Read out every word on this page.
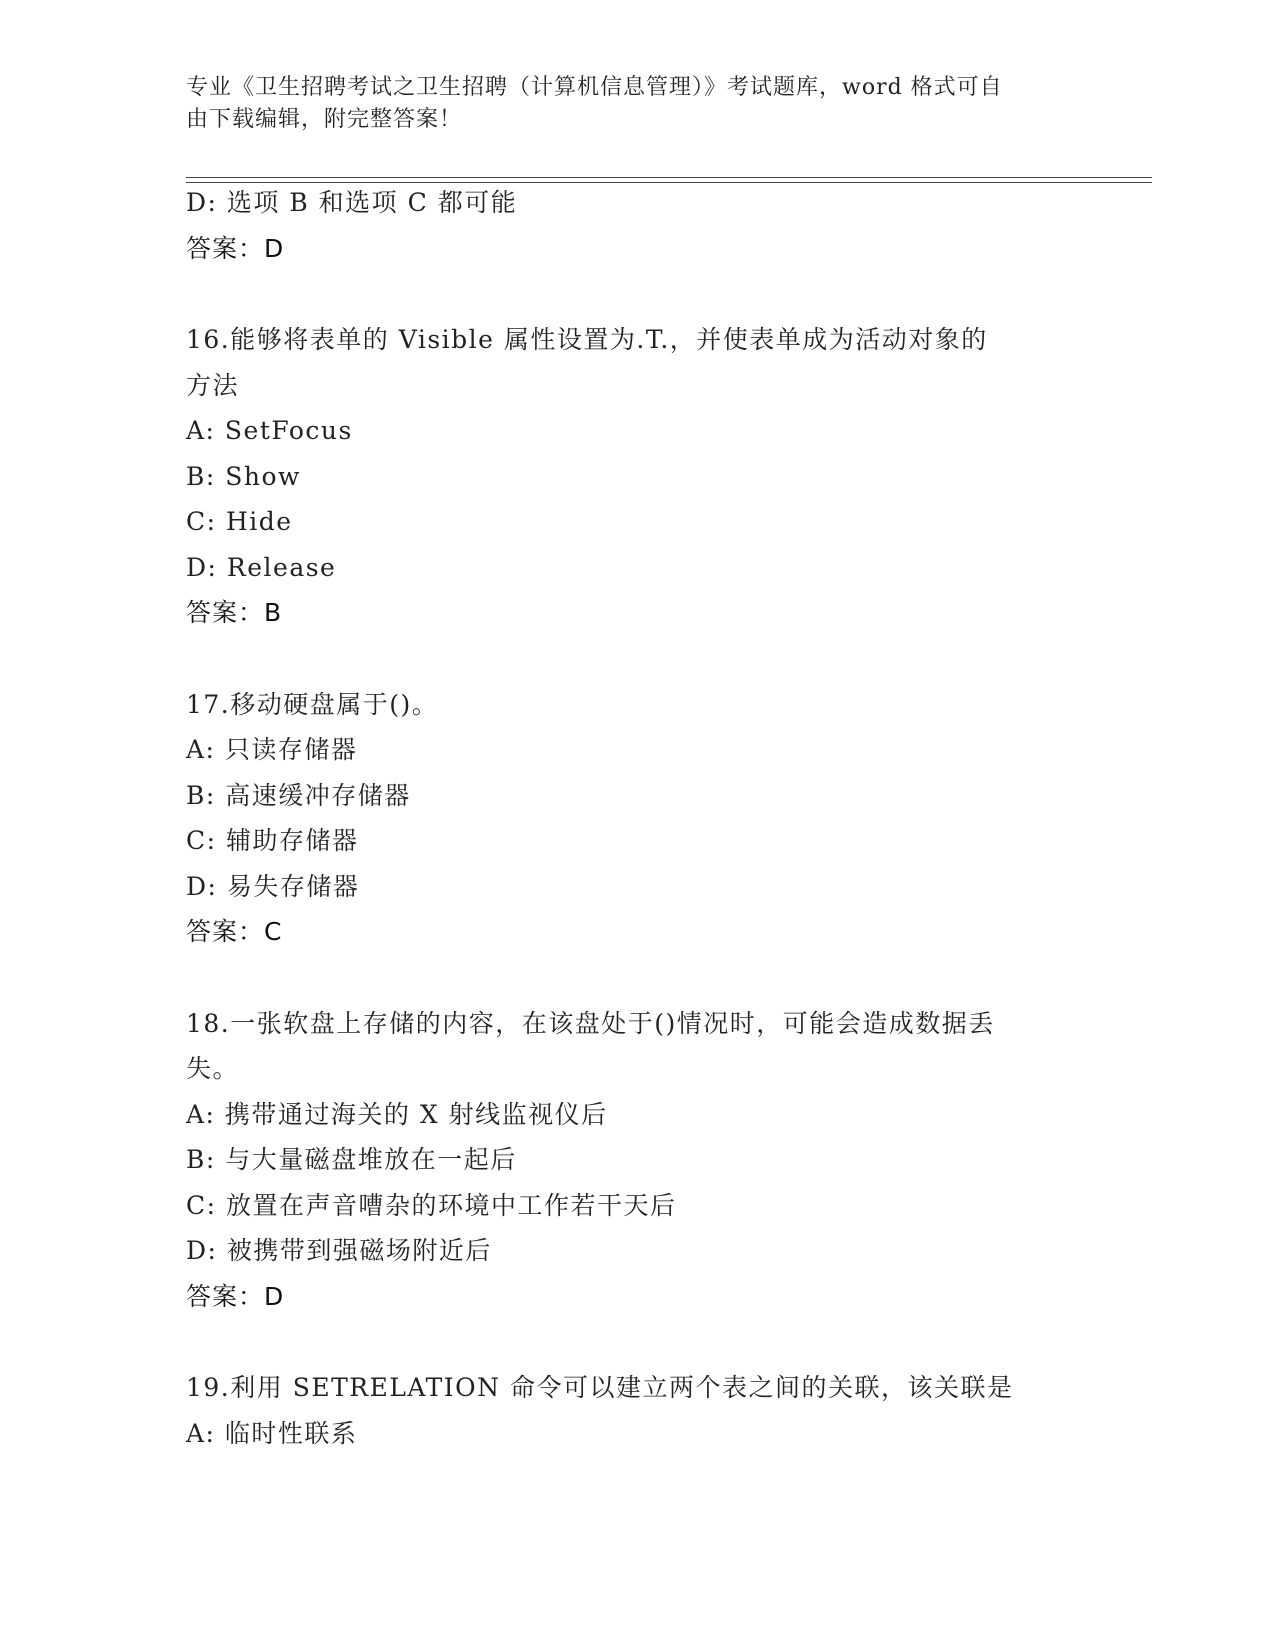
专业《卫生招聘考试之卫生招聘（计算机信息管理）》考试题库，word 格式可自
由下载编辑，附完整答案！
D: 选项 B 和选项 C 都可能
答案：D
16.能够将表单的 Visible 属性设置为.T.，并使表单成为活动对象的
方法
A: SetFocus
B: Show
C: Hide
D: Release
答案：B
17.移动硬盘属于()。
A: 只读存储器
B: 高速缓冲存储器
C: 辅助存储器
D: 易失存储器
答案：C
18.一张软盘上存储的内容，在该盘处于()情况时，可能会造成数据丢
失。
A: 携带通过海关的 X 射线监视仪后
B: 与大量磁盘堆放在一起后
C: 放置在声音嘈杂的环境中工作若干天后
D: 被携带到强磁场附近后
答案：D
19.利用 SETRELATION 命令可以建立两个表之间的关联，该关联是
A: 临时性联系
